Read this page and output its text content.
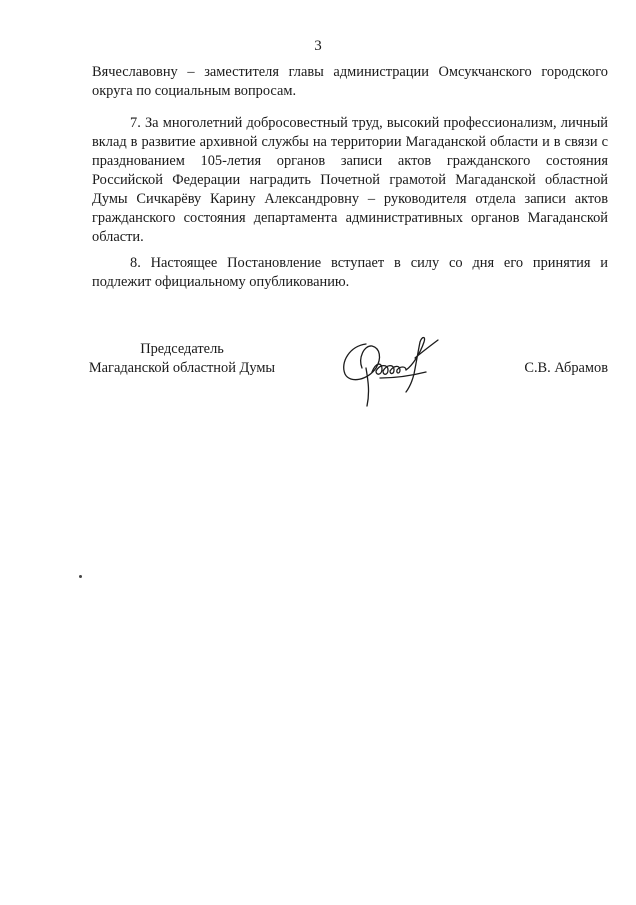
3

Вячеславовну – заместителя главы администрации Омсукчанского городского округа по социальным вопросам.

7. За многолетний добросовестный труд, высокий профессионализм, личный вклад в развитие архивной службы на территории Магаданской области и в связи с празднованием 105-летия органов записи актов гражданского состояния Российской Федерации наградить Почетной грамотой Магаданской областной Думы Сичкарёву Карину Александровну – руководителя отдела записи актов гражданского состояния департамента административных органов Магаданской области.

8. Настоящее Постановление вступает в силу со дня его принятия и подлежит официальному опубликованию.

Председатель
Магаданской областной Думы	С.В. Абрамов
